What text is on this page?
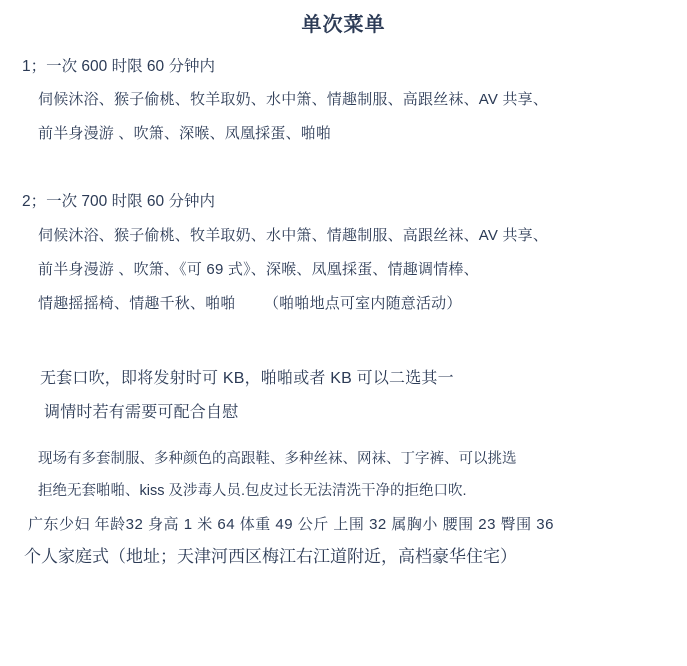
单次菜单
1；一次 600 时限 60 分钟内
伺候沐浴、猴子偷桃、牧羊取奶、水中箫、情趣制服、高跟丝袜、AV 共享、
前半身漫游 、吹箫、深喉、凤凰採蛋、啪啪
2；一次 700 时限 60 分钟内
伺候沐浴、猴子偷桃、牧羊取奶、水中箫、情趣制服、高跟丝袜、AV 共享、
前半身漫游 、吹箫、《可 69 式》、深喉、凤凰採蛋、情趣调情棒、
情趣摇摇椅、情趣千秋、啪啪 （啪啪地点可室内随意活动）
无套口吹，即将发射时可 KB，啪啪或者 KB 可以二选其一
调情时若有需要可配合自慰
现场有多套制服、多种颜色的高跟鞋、多种丝袜、网袜、丁字裤、可以挑选
拒绝无套啪啪、kiss 及涉毒人员.包皮过长无法清洗干净的拒绝口吹.
广东少妇 年龄32 身高 1 米 64 体重 49 公斤 上围 32 属胸小 腰围 23 臀围 36
个人家庭式（地址；天津河西区梅江右江道附近，高档豪华住宅）
